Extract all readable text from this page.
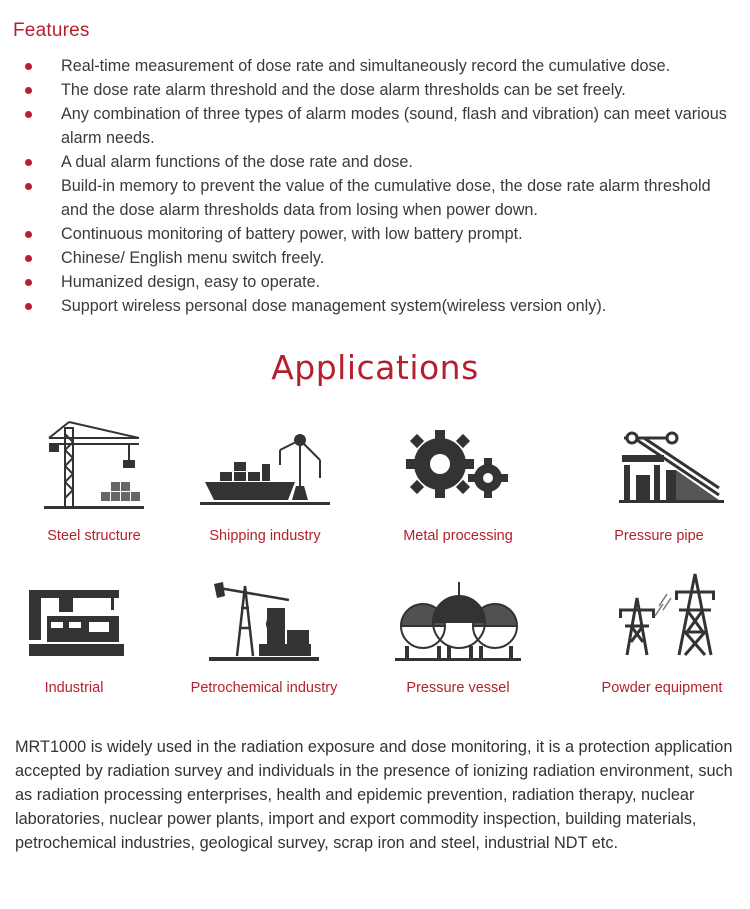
Features
Real-time measurement of dose rate and simultaneously record the cumulative dose.
The dose rate alarm threshold and the dose alarm thresholds can be set freely.
Any combination of three types of alarm modes (sound, flash and vibration) can meet various alarm needs.
A dual alarm functions of the dose rate and dose.
Build-in memory to prevent the value of the cumulative dose, the dose rate alarm threshold and the dose alarm thresholds data from losing when power down.
Continuous monitoring of battery power, with low battery prompt.
Chinese/ English menu switch freely.
Humanized design, easy to operate.
Support wireless personal dose management system(wireless version only).
Applications
Steel structure	Shipping industry	Metal processing	Pressure pipe
Industrial	Petrochemical industry	Pressure vessel	Powder equipment

MRT1000 is widely used in the radiation exposure and dose monitoring, it is a protection application accepted by radiation survey and individuals in the presence of ionizing radiation environment, such as radiation processing enterprises, health and epidemic prevention, radiation therapy, nuclear laboratories, nuclear power plants, import and export commodity inspection, building materials, petrochemical industries, geological survey, scrap iron and steel, industrial NDT etc.
